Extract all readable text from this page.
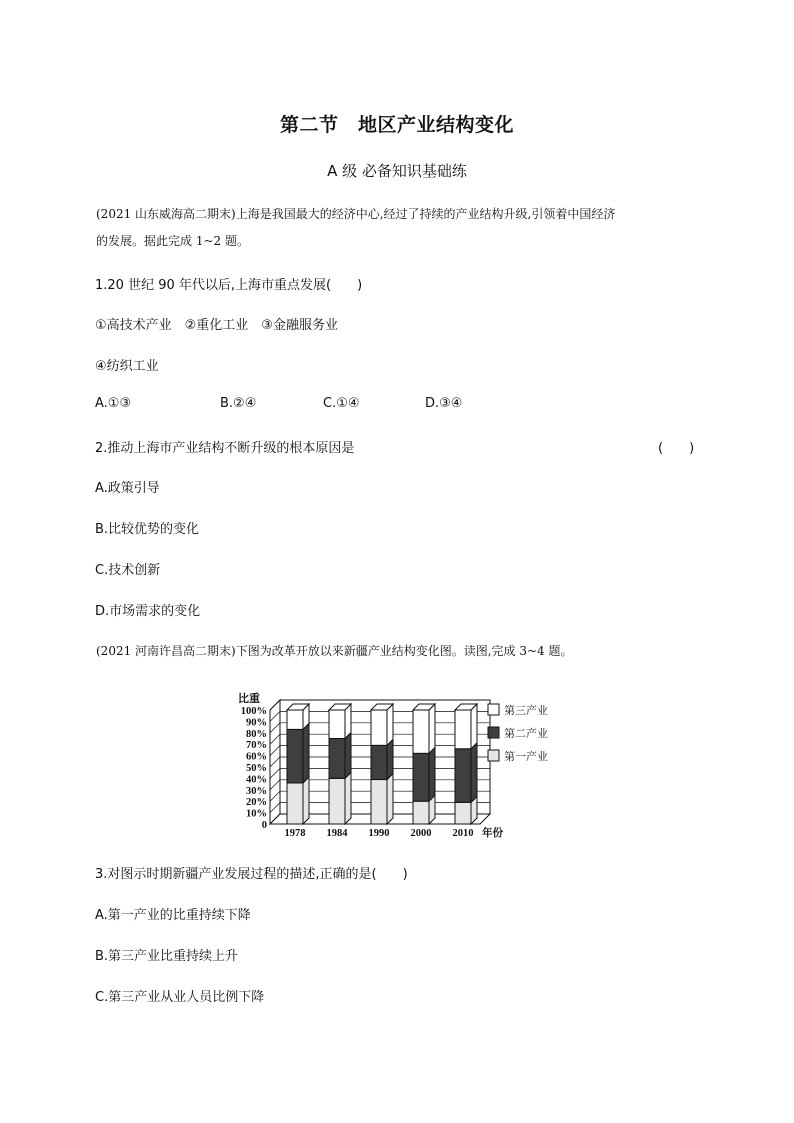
第二节　地区产业结构变化
A 级 必备知识基础练
(2021 山东威海高二期末)上海是我国最大的经济中心,经过了持续的产业结构升级,引领着中国经济
的发展。据此完成 1~2 题。
1.20 世纪 90 年代以后,上海市重点发展(　　)
①高技术产业　②重化工业　③金融服务业
④纺织工业
A.①③	B.②④	C.①④	D.③④
2.推动上海市产业结构不断升级的根本原因是	(　　)
A.政策引导
B.比较优势的变化
C.技术创新
D.市场需求的变化
(2021 河南许昌高二期末)下图为改革开放以来新疆产业结构变化图。读图,完成 3~4 题。
0
10%
20%
30%
40%
50%
60%
70%
80%
90%
100%
比重
1978 1984 1990 2000 2010 年份
第三产业
第二产业
第一产业
3.对图示时期新疆产业发展过程的描述,正确的是(　　)
A.第一产业的比重持续下降
B.第三产业比重持续上升
C.第三产业从业人员比例下降
